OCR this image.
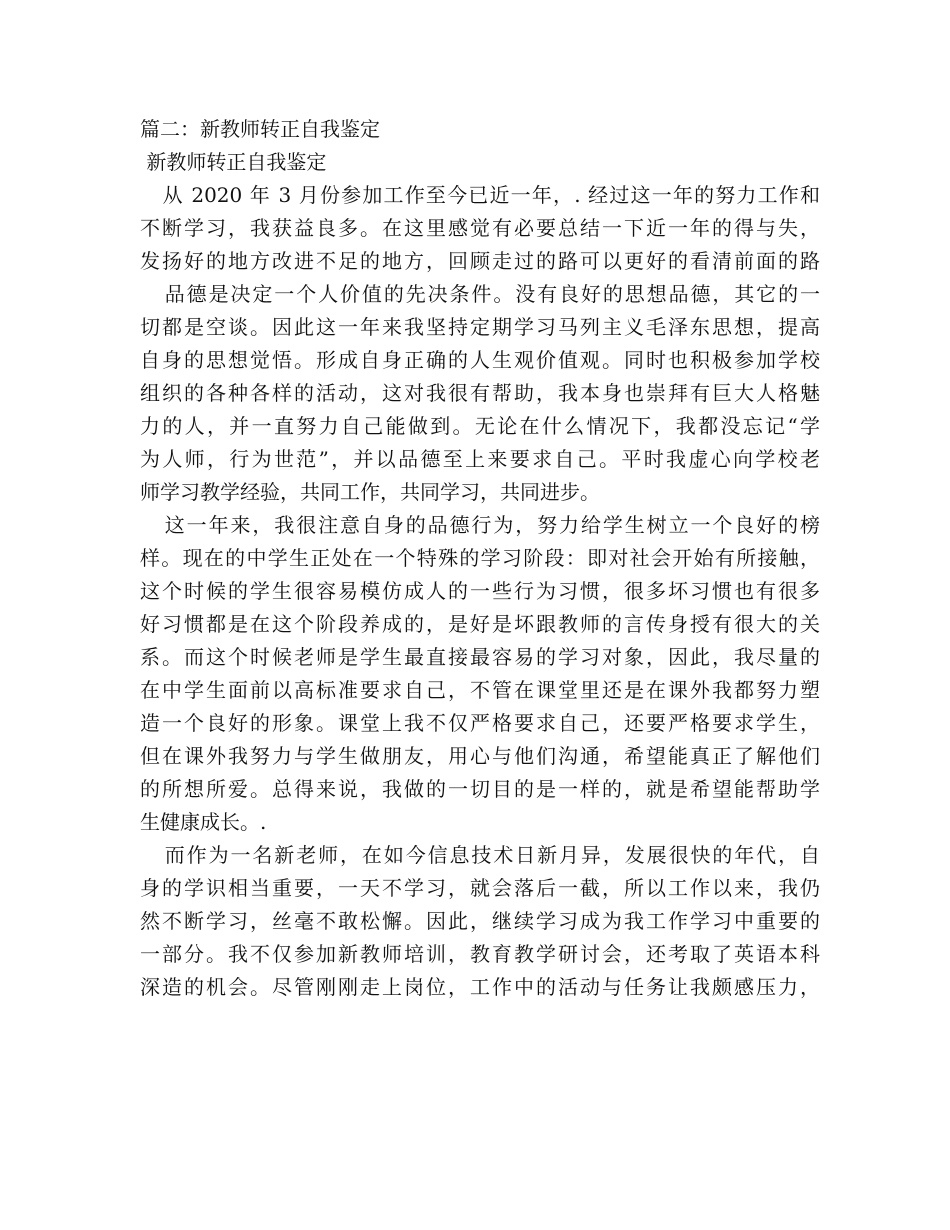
篇二：新教师转正自我鉴定
新教师转正自我鉴定
从 2020 年 3 月份参加工作至今已近一年，. 经过这一年的努力工作和
不断学习，我获益良多。在这里感觉有必要总结一下近一年的得与失，
发扬好的地方改进不足的地方，回顾走过的路可以更好的看清前面的路
品德是决定一个人价值的先决条件。没有良好的思想品德，其它的一
切都是空谈。因此这一年来我坚持定期学习马列主义毛泽东思想，提高
自身的思想觉悟。形成自身正确的人生观价值观。同时也积极参加学校
组织的各种各样的活动，这对我很有帮助，我本身也崇拜有巨大人格魅
力的人，并一直努力自己能做到。无论在什么情况下，我都没忘记“学
为人师，行为世范”，并以品德至上来要求自己。平时我虚心向学校老
师学习教学经验，共同工作，共同学习，共同进步。
这一年来，我很注意自身的品德行为，努力给学生树立一个良好的榜
样。现在的中学生正处在一个特殊的学习阶段：即对社会开始有所接触，
这个时候的学生很容易模仿成人的一些行为习惯，很多坏习惯也有很多
好习惯都是在这个阶段养成的，是好是坏跟教师的言传身授有很大的关
系。而这个时候老师是学生最直接最容易的学习对象，因此，我尽量的
在中学生面前以高标准要求自己，不管在课堂里还是在课外我都努力塑
造一个良好的形象。课堂上我不仅严格要求自己，还要严格要求学生，
但在课外我努力与学生做朋友，用心与他们沟通，希望能真正了解他们
的所想所爱。总得来说，我做的一切目的是一样的，就是希望能帮助学
生健康成长。.
而作为一名新老师，在如今信息技术日新月异，发展很快的年代，自
身的学识相当重要，一天不学习，就会落后一截，所以工作以来，我仍
然不断学习，丝毫不敢松懈。因此，继续学习成为我工作学习中重要的
一部分。我不仅参加新教师培训，教育教学研讨会，还考取了英语本科
深造的机会。尽管刚刚走上岗位，工作中的活动与任务让我颇感压力，
